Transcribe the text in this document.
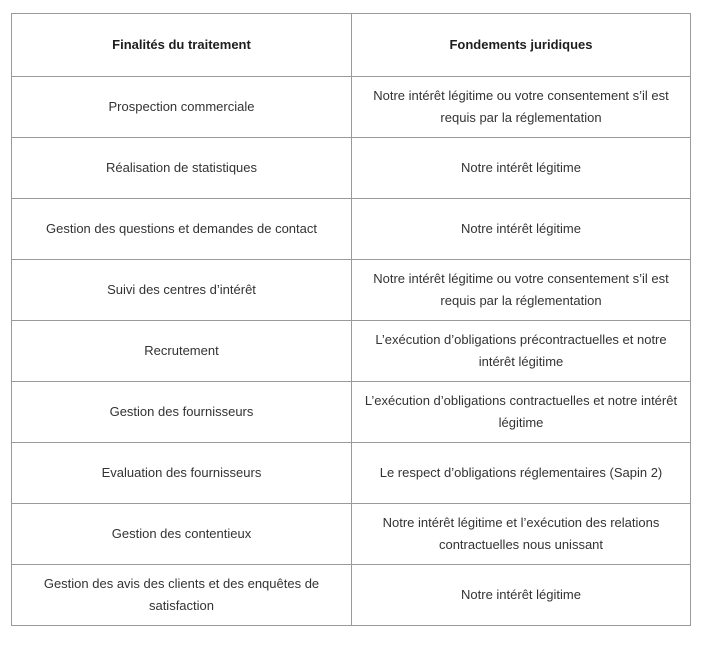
Finalités du traitement	Fondements juridiques
Prospection commerciale	Notre intérêt légitime ou votre consentement s’il est requis par la réglementation
Réalisation de statistiques	Notre intérêt légitime
Gestion des questions et demandes de contact	Notre intérêt légitime
Suivi des centres d’intérêt	Notre intérêt légitime ou votre consentement s’il est requis par la réglementation
Recrutement	L’exécution d’obligations précontractuelles et notre intérêt légitime
Gestion des fournisseurs	L’exécution d’obligations contractuelles et notre intérêt légitime
Evaluation des fournisseurs	Le respect d’obligations réglementaires (Sapin 2)
Gestion des contentieux	Notre intérêt légitime et l’exécution des relations contractuelles nous unissant
Gestion des avis des clients et des enquêtes de satisfaction	Notre intérêt légitime
